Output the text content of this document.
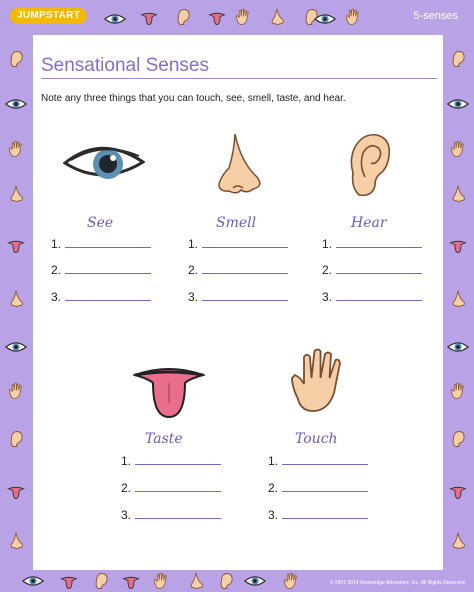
JUMPSTART	5-senses
Sensational Senses
Note any three things that you can touch, see, smell, taste, and hear.
See
1.
2.
3.
Smell
1.
2.
3.
Hear
1.
2.
3.
Taste
1.
2.
3.
Touch
1.
2.
3.
© 2007-2014 Knowledge Adventure, Inc. All Rights Reserved.
